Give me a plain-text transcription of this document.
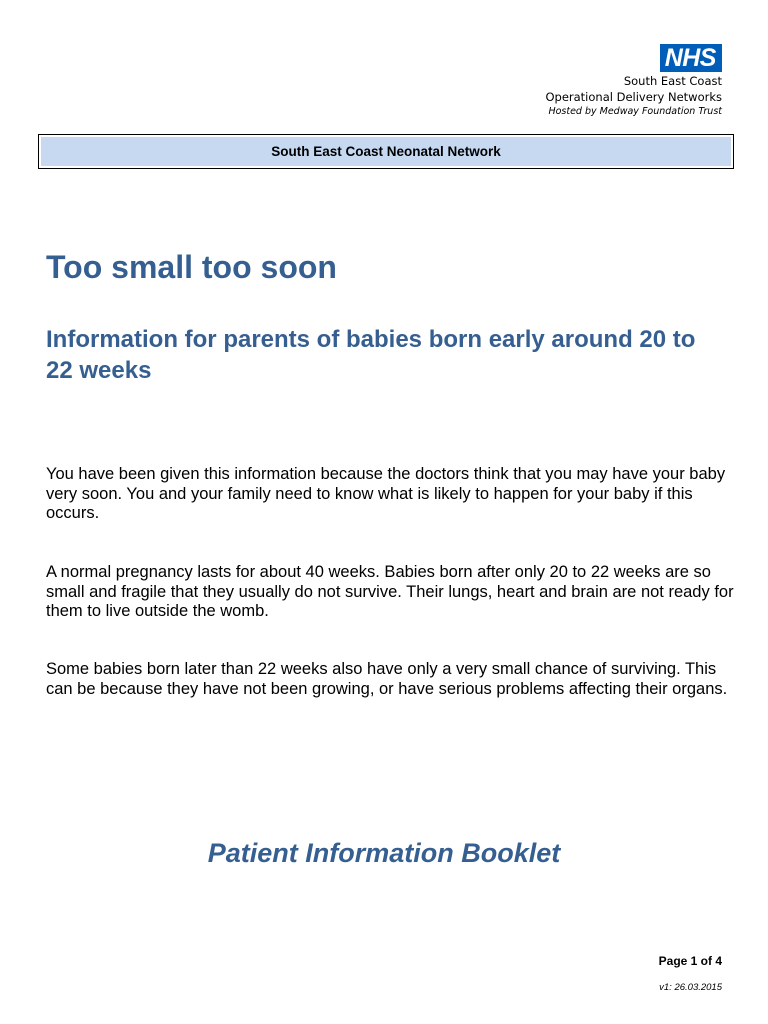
NHS
South East Coast
Operational Delivery Networks
Hosted by Medway Foundation Trust
South East Coast Neonatal Network
Too small too soon
Information for parents of babies born early around 20 to 22 weeks

You have been given this information because the doctors think that you may have your baby very soon. You and your family need to know what is likely to happen for your baby if this occurs.

A normal pregnancy lasts for about 40 weeks. Babies born after only 20 to 22 weeks are so small and fragile that they usually do not survive. Their lungs, heart and brain are not ready for them to live outside the womb.

Some babies born later than 22 weeks also have only a very small chance of surviving. This can be because they have not been growing, or have serious problems affecting their organs.

Patient Information Booklet
Page 1 of 4
v1: 26.03.2015
